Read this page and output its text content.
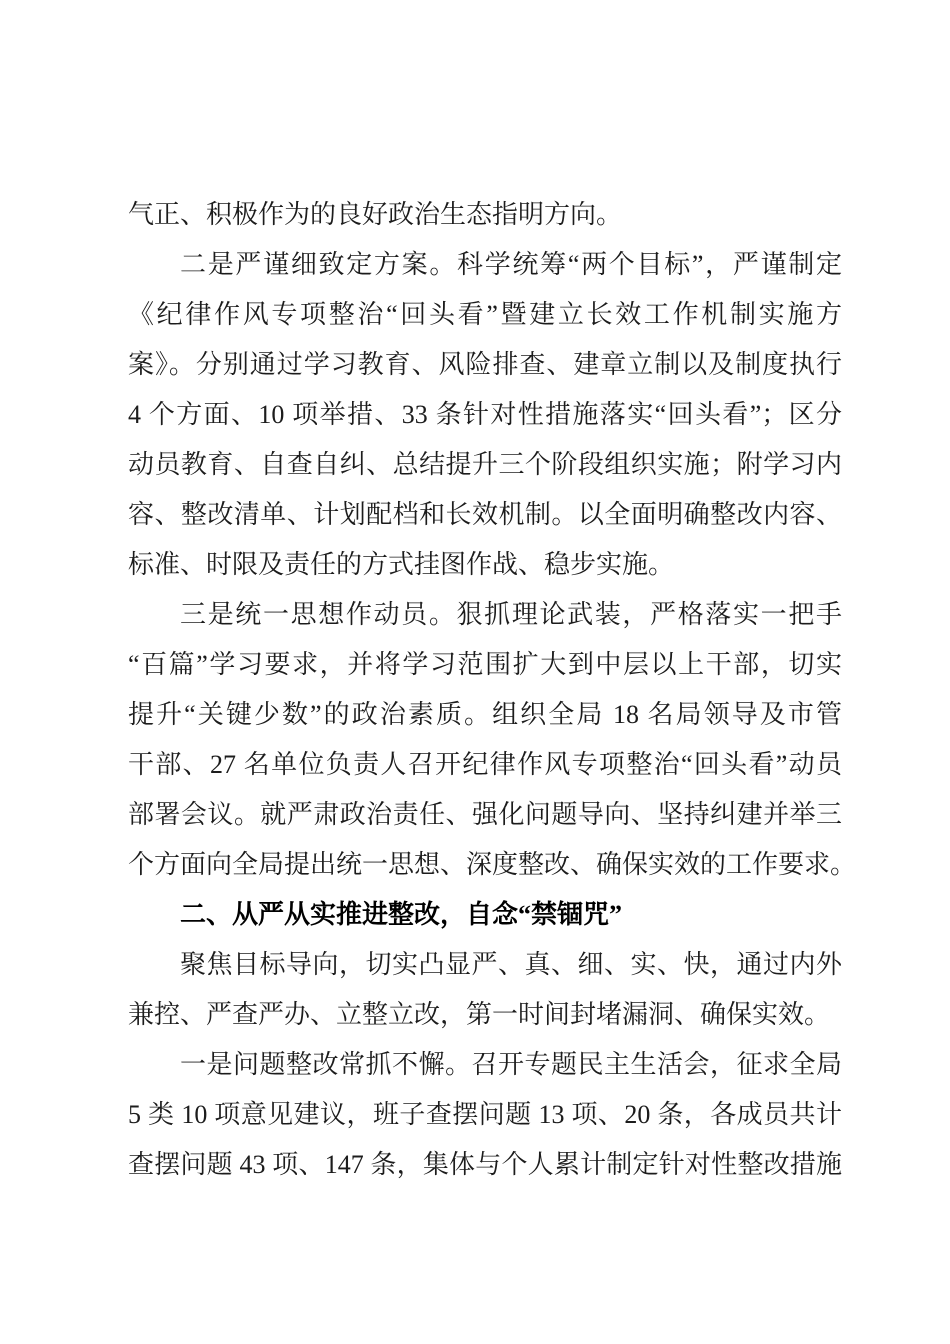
气正、积极作为的良好政治生态指明方向。
二是严谨细致定方案。科学统筹“两个目标”，严谨制定
《纪律作风专项整治“回头看”暨建立长效工作机制实施方
案》。分别通过学习教育、风险排查、建章立制以及制度执行
4 个方面、10 项举措、33 条针对性措施落实“回头看”；区分
动员教育、自查自纠、总结提升三个阶段组织实施；附学习内
容、整改清单、计划配档和长效机制。以全面明确整改内容、
标准、时限及责任的方式挂图作战、稳步实施。
三是统一思想作动员。狠抓理论武装，严格落实一把手
“百篇”学习要求，并将学习范围扩大到中层以上干部，切实
提升“关键少数”的政治素质。组织全局 18 名局领导及市管
干部、27 名单位负责人召开纪律作风专项整治“回头看”动员
部署会议。就严肃政治责任、强化问题导向、坚持纠建并举三
个方面向全局提出统一思想、深度整改、确保实效的工作要求。
二、从严从实推进整改，自念“禁锢咒”
聚焦目标导向，切实凸显严、真、细、实、快，通过内外
兼控、严查严办、立整立改，第一时间封堵漏洞、确保实效。
一是问题整改常抓不懈。召开专题民主生活会，征求全局
5 类 10 项意见建议，班子查摆问题 13 项、20 条，各成员共计
查摆问题 43 项、147 条，集体与个人累计制定针对性整改措施
